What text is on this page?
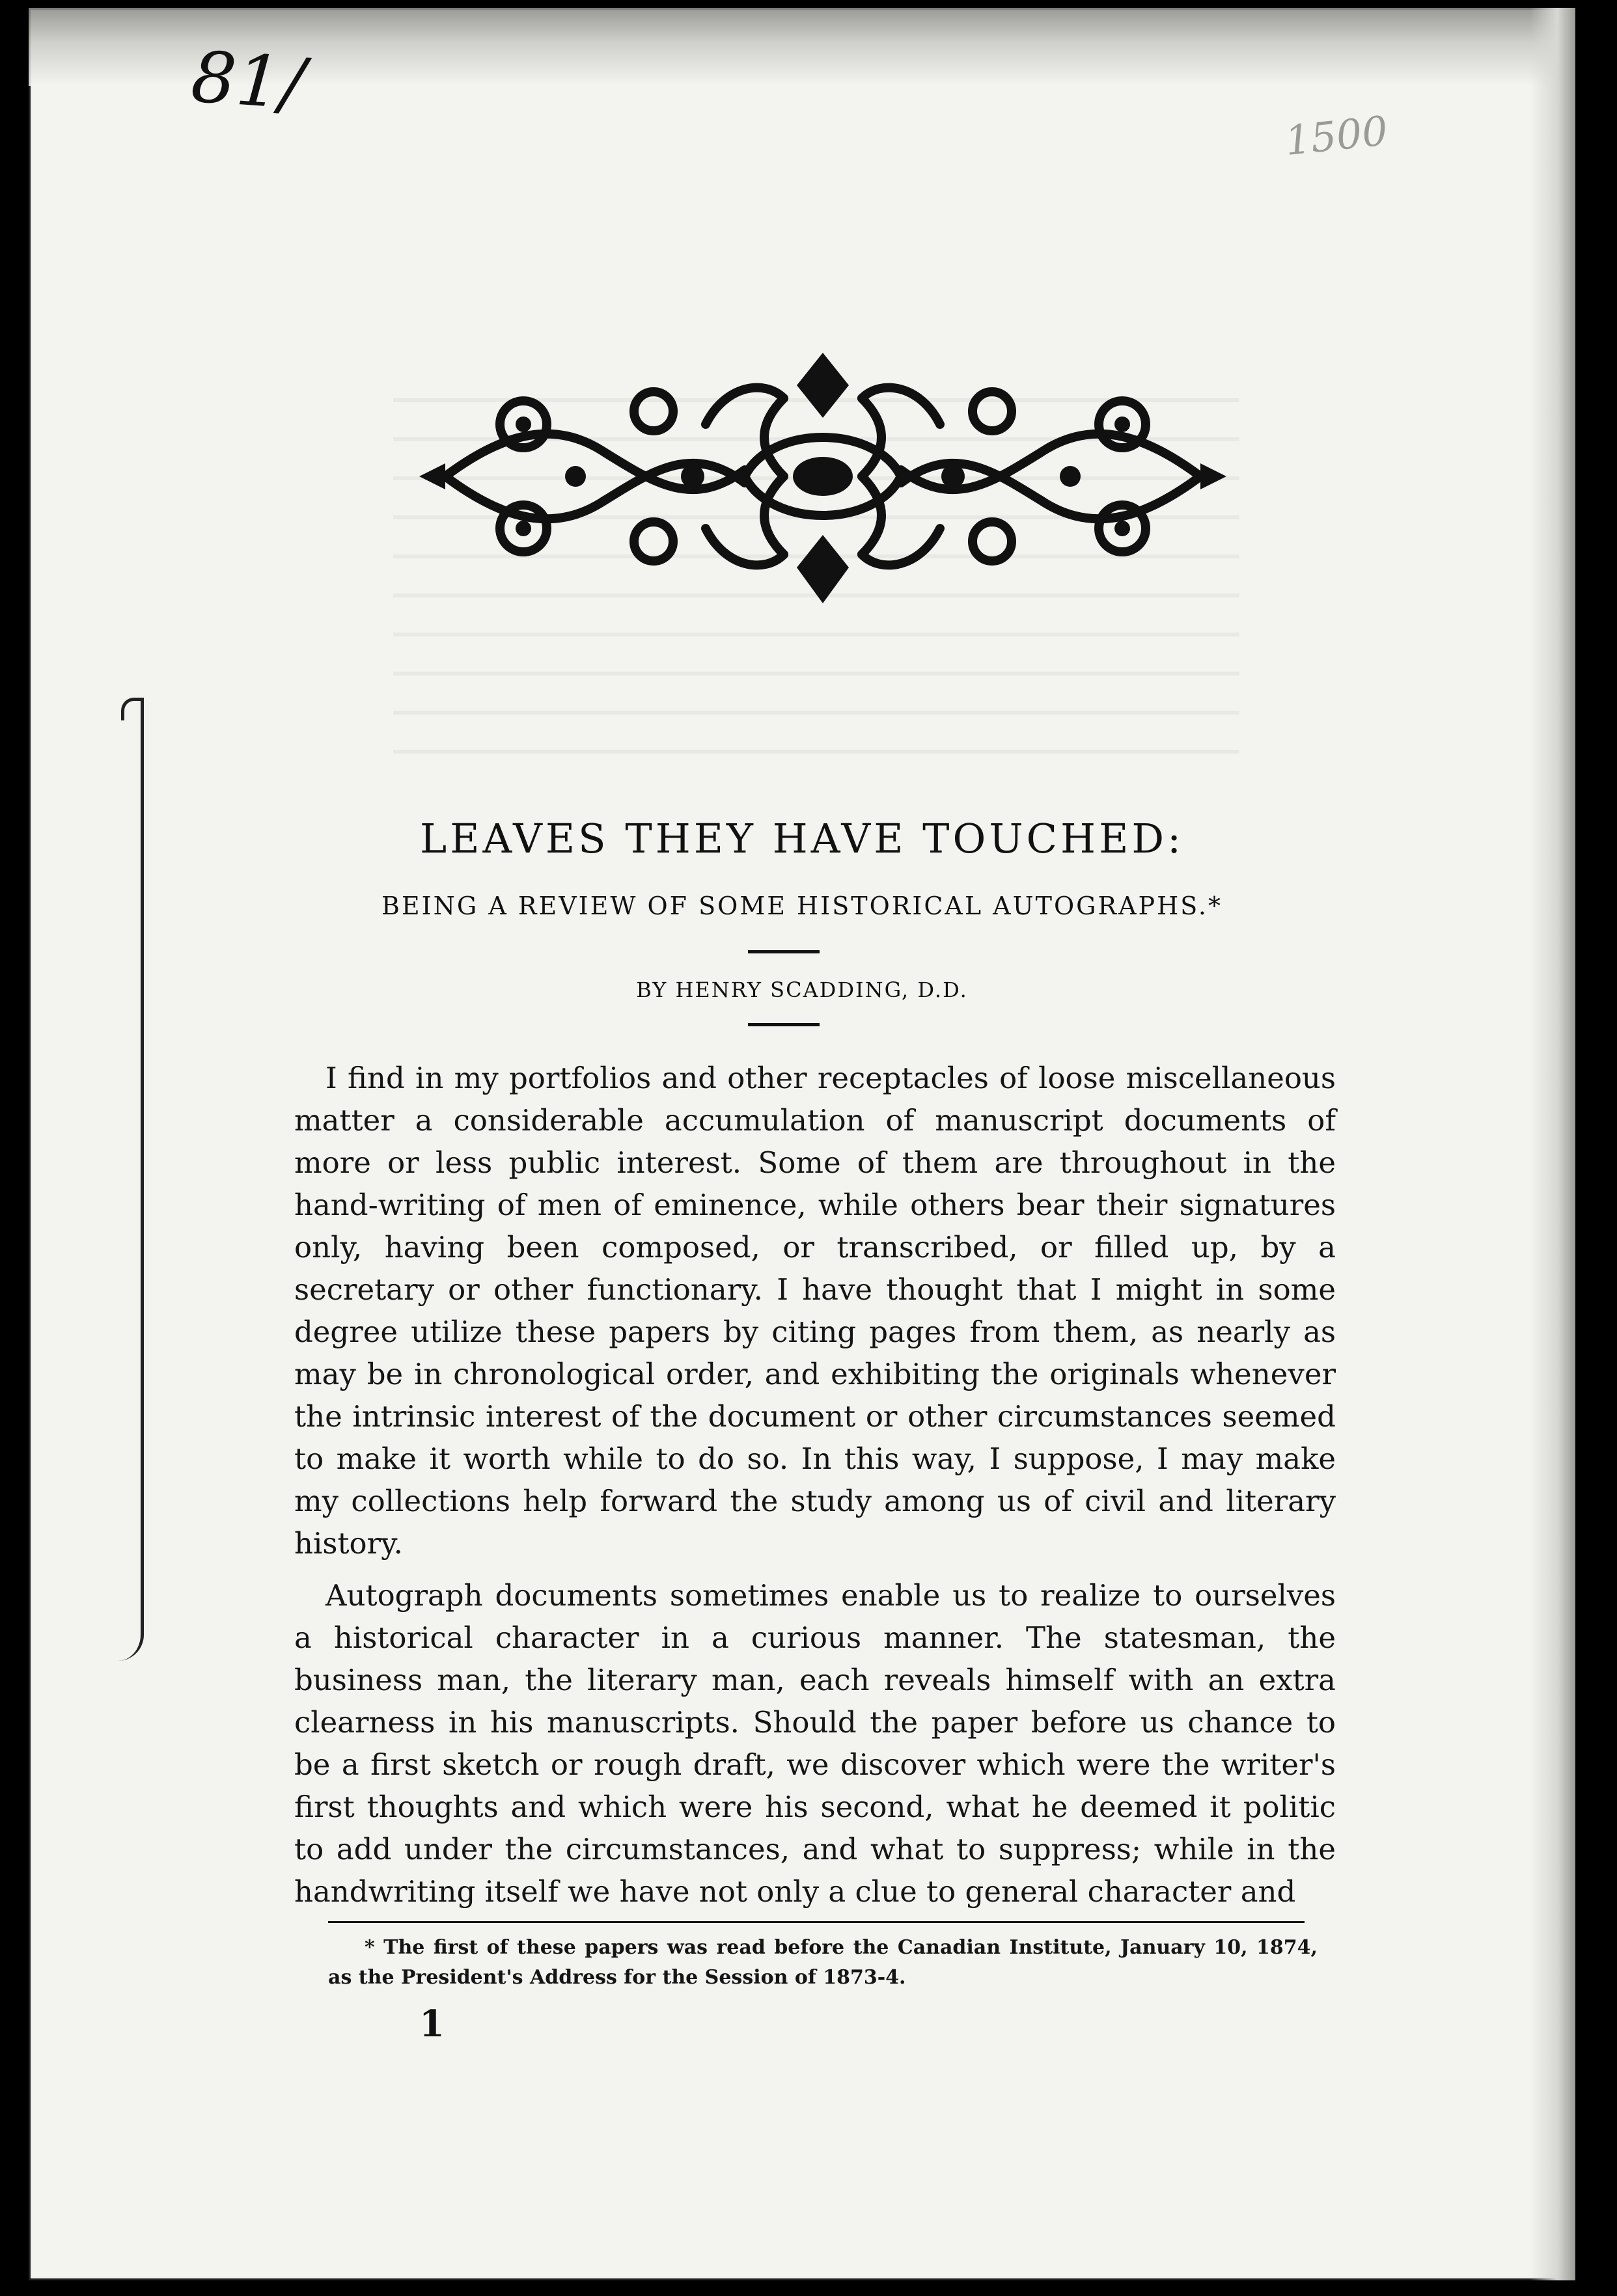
81/
1500
LEAVES THEY HAVE TOUCHED:
BEING A REVIEW OF SOME HISTORICAL AUTOGRAPHS.*
BY HENRY SCADDING, D.D.

I find in my portfolios and other receptacles of loose miscellaneous matter a considerable accumulation of manuscript documents of more or less public interest. Some of them are throughout in the hand-writing of men of eminence, while others bear their signatures only, having been composed, or transcribed, or filled up, by a secretary or other functionary. I have thought that I might in some degree utilize these papers by citing pages from them, as nearly as may be in chronological order, and exhibiting the originals whenever the intrinsic interest of the document or other circumstances seemed to make it worth while to do so. In this way, I suppose, I may make my collections help forward the study among us of civil and literary history.

Autograph documents sometimes enable us to realize to ourselves a historical character in a curious manner. The statesman, the business man, the literary man, each reveals himself with an extra clearness in his manuscripts. Should the paper before us chance to be a first sketch or rough draft, we discover which were the writer's first thoughts and which were his second, what he deemed it politic to add under the circumstances, and what to suppress; while in the handwriting itself we have not only a clue to general character and

* The first of these papers was read before the Canadian Institute, January 10, 1874, as the President's Address for the Session of 1873-4.
1
